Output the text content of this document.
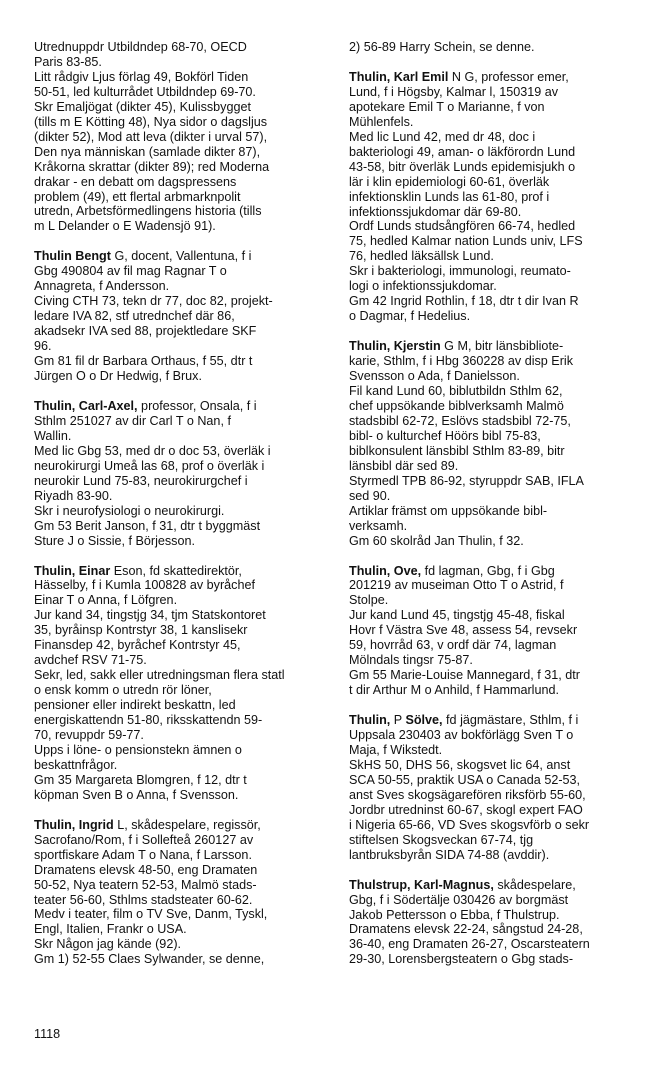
Utrednuppdr Utbildndep 68-70, OECD
Paris 83-85.
Litt rådgiv Ljus förlag 49, Bokförl Tiden
50-51, led kulturrådet Utbildndep 69-70.
Skr Emaljögat (dikter 45), Kulissbygget
(tills m E Kötting 48), Nya sidor o dagsljus
(dikter 52), Mod att leva (dikter i urval 57),
Den nya människan (samlade dikter 87),
Kråkorna skrattar (dikter 89); red Moderna
drakar - en debatt om dagspressens
problem (49), ett flertal arbmarknpolit
utredn, Arbetsförmedlingens historia (tills
m L Delander o E Wadensjö 91).
Thulin Bengt G, docent, Vallentuna, f i
Gbg 490804 av fil mag Ragnar T o
Annagreta, f Andersson.
Civing CTH 73, tekn dr 77, doc 82, projekt-
ledare IVA 82, stf utrednchef där 86,
akadsekr IVA sed 88, projektledare SKF
96.
Gm 81 fil dr Barbara Orthaus, f 55, dtr t
Jürgen O o Dr Hedwig, f Brux.
Thulin, Carl-Axel, professor, Onsala, f i
Sthlm 251027 av dir Carl T o Nan, f
Wallin.
Med lic Gbg 53, med dr o doc 53, överläk i
neurokirurgi Umeå las 68, prof o överläk i
neurokir Lund 75-83, neurokirurgchef i
Riyadh 83-90.
Skr i neurofysiologi o neurokirurgi.
Gm 53 Berit Janson, f 31, dtr t byggmäst
Sture J o Sissie, f Börjesson.
Thulin, Einar Eson, fd skattedirektör,
Hässelby, f i Kumla 100828 av byråchef
Einar T o Anna, f Löfgren.
Jur kand 34, tingstjg 34, tjm Statskontoret
35, byråinsp Kontrstyr 38, 1 kanslisekr
Finansdep 42, byråchef Kontrstyr 45,
avdchef RSV 71-75.
Sekr, led, sakk eller utredningsman flera statl
o ensk komm o utredn rör löner,
pensioner eller indirekt beskattn, led
energiskattendn 51-80, riksskattendn 59-
70, revuppdr 59-77.
Upps i löne- o pensionstekn ämnen o
beskattnfrågor.
Gm 35 Margareta Blomgren, f 12, dtr t
köpman Sven B o Anna, f Svensson.
Thulin, Ingrid L, skådespelare, regissör,
Sacrofano/Rom, f i Sollefteå 260127 av
sportfiskare Adam T o Nana, f Larsson.
Dramatens elevsk 48-50, eng Dramaten
50-52, Nya teatern 52-53, Malmö stads-
teater 56-60, Sthlms stadsteater 60-62.
Medv i teater, film o TV Sve, Danm, Tyskl,
Engl, Italien, Frankr o USA.
Skr Någon jag kände (92).
Gm 1) 52-55 Claes Sylwander, se denne,
2) 56-89 Harry Schein, se denne.
Thulin, Karl Emil N G, professor emer,
Lund, f i Högsby, Kalmar l, 150319 av
apotekare Emil T o Marianne, f von
Mühlenfels.
Med lic Lund 42, med dr 48, doc i
bakteriologi 49, aman- o läkförordn Lund
43-58, bitr överläk Lunds epidemisjukh o
lär i klin epidemiologi 60-61, överläk
infektionsklin Lunds las 61-80, prof i
infektionssjukdomar där 69-80.
Ordf Lunds studsångfören 66-74, hedled
75, hedled Kalmar nation Lunds univ, LFS
76, hedled läksällsk Lund.
Skr i bakteriologi, immunologi, reumato-
logi o infektionssjukdomar.
Gm 42 Ingrid Rothlin, f 18, dtr t dir Ivan R
o Dagmar, f Hedelius.
Thulin, Kjerstin G M, bitr länsbibliote-
karie, Sthlm, f i Hbg 360228 av disp Erik
Svensson o Ada, f Danielsson.
Fil kand Lund 60, biblutbildn Sthlm 62,
chef uppsökande biblverksamh Malmö
stadsbibl 62-72, Eslövs stadsbibl 72-75,
bibl- o kulturchef Höörs bibl 75-83,
biblkonsulent länsbibl Sthlm 83-89, bitr
länsbibl där sed 89.
Styrmedl TPB 86-92, styruppdr SAB, IFLA
sed 90.
Artiklar främst om uppsökande bibl-
verksamh.
Gm 60 skolråd Jan Thulin, f 32.
Thulin, Ove, fd lagman, Gbg, f i Gbg
201219 av museiman Otto T o Astrid, f
Stolpe.
Jur kand Lund 45, tingstjg 45-48, fiskal
Hovr f Västra Sve 48, assess 54, revsekr
59, hovrråd 63, v ordf där 74, lagman
Mölndals tingsr 75-87.
Gm 55 Marie-Louise Mannegard, f 31, dtr
t dir Arthur M o Anhild, f Hammarlund.
Thulin, P Sölve, fd jägmästare, Sthlm, f i
Uppsala 230403 av bokförlägg Sven T o
Maja, f Wikstedt.
SkHS 50, DHS 56, skogsvet lic 64, anst
SCA 50-55, praktik USA o Canada 52-53,
anst Sves skogsägarefören riksförb 55-60,
Jordbr utredninst 60-67, skogl expert FAO
i Nigeria 65-66, VD Sves skogsvförb o sekr
stiftelsen Skogsveckan 67-74, tjg
lantbruksbyrån SIDA 74-88 (avddir).
Thulstrup, Karl-Magnus, skådespelare,
Gbg, f i Södertälje 030426 av borgmäst
Jakob Pettersson o Ebba, f Thulstrup.
Dramatens elevsk 22-24, sångstud 24-28,
36-40, eng Dramaten 26-27, Oscarsteatern
29-30, Lorensbergsteatern o Gbg stads-
1118
